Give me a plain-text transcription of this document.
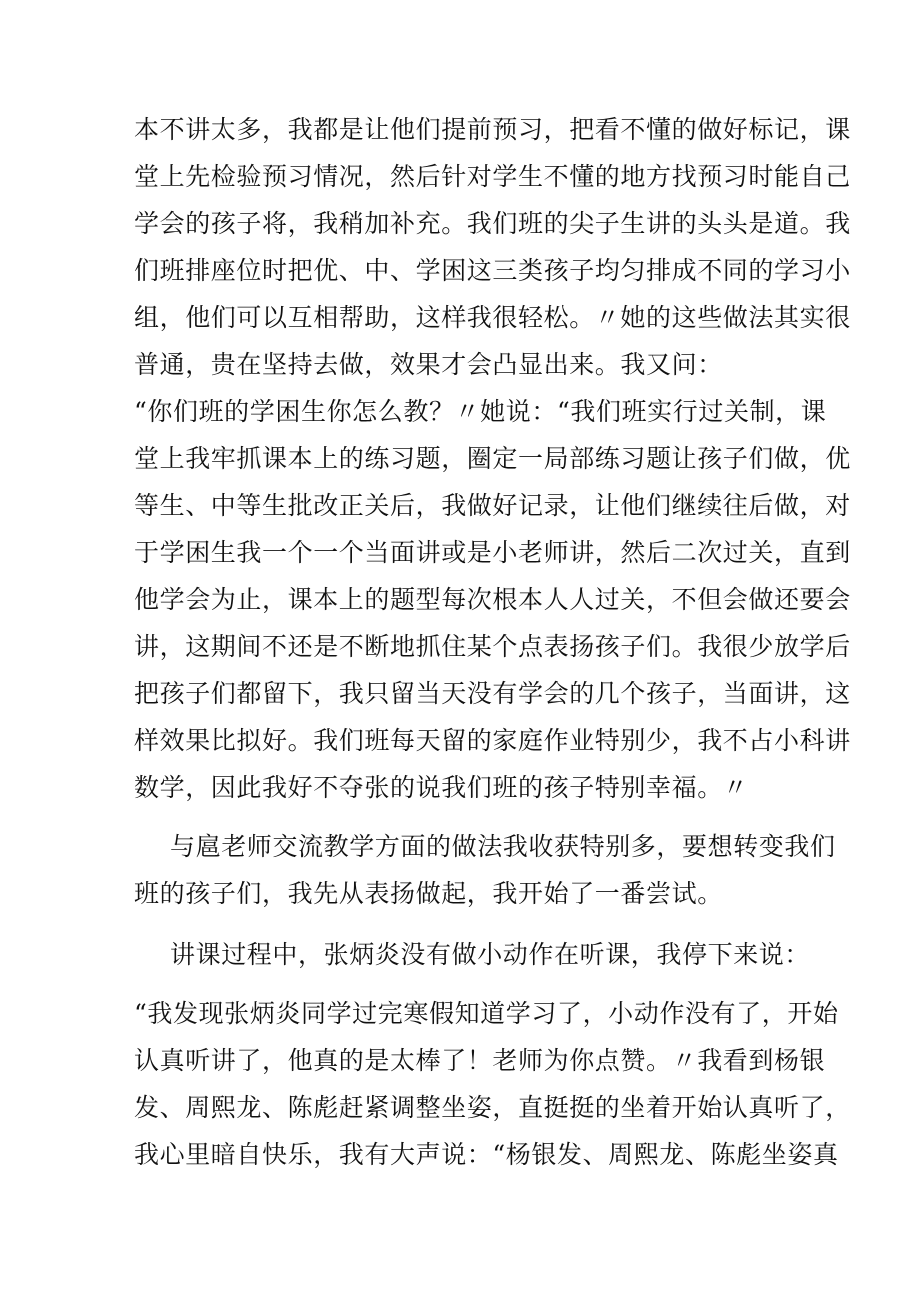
本不讲太多，我都是让他们提前预习，把看不懂的做好标记，课
堂上先检验预习情况，然后针对学生不懂的地方找预习时能自己
学会的孩子将，我稍加补充。我们班的尖子生讲的头头是道。我
们班排座位时把优、中、学困这三类孩子均匀排成不同的学习小
组，他们可以互相帮助，这样我很轻松。〃她的这些做法其实很
普通，贵在坚持去做，效果才会凸显出来。我又问：
“你们班的学困生你怎么教？〃她说：“我们班实行过关制，课
堂上我牢抓课本上的练习题，圈定一局部练习题让孩子们做，优
等生、中等生批改正关后，我做好记录，让他们继续往后做，对
于学困生我一个一个当面讲或是小老师讲，然后二次过关，直到
他学会为止，课本上的题型每次根本人人过关，不但会做还要会
讲，这期间不还是不断地抓住某个点表扬孩子们。我很少放学后
把孩子们都留下，我只留当天没有学会的几个孩子，当面讲，这
样效果比拟好。我们班每天留的家庭作业特别少，我不占小科讲
数学，因此我好不夺张的说我们班的孩子特别幸福。〃
与扈老师交流教学方面的做法我收获特别多，要想转变我们
班的孩子们，我先从表扬做起，我开始了一番尝试。
讲课过程中，张炳炎没有做小动作在听课，我停下来说：
“我发现张炳炎同学过完寒假知道学习了，小动作没有了，开始
认真听讲了，他真的是太棒了！老师为你点赞。〃我看到杨银
发、周熙龙、陈彪赶紧调整坐姿，直挺挺的坐着开始认真听了，
我心里暗自快乐，我有大声说：“杨银发、周熙龙、陈彪坐姿真
